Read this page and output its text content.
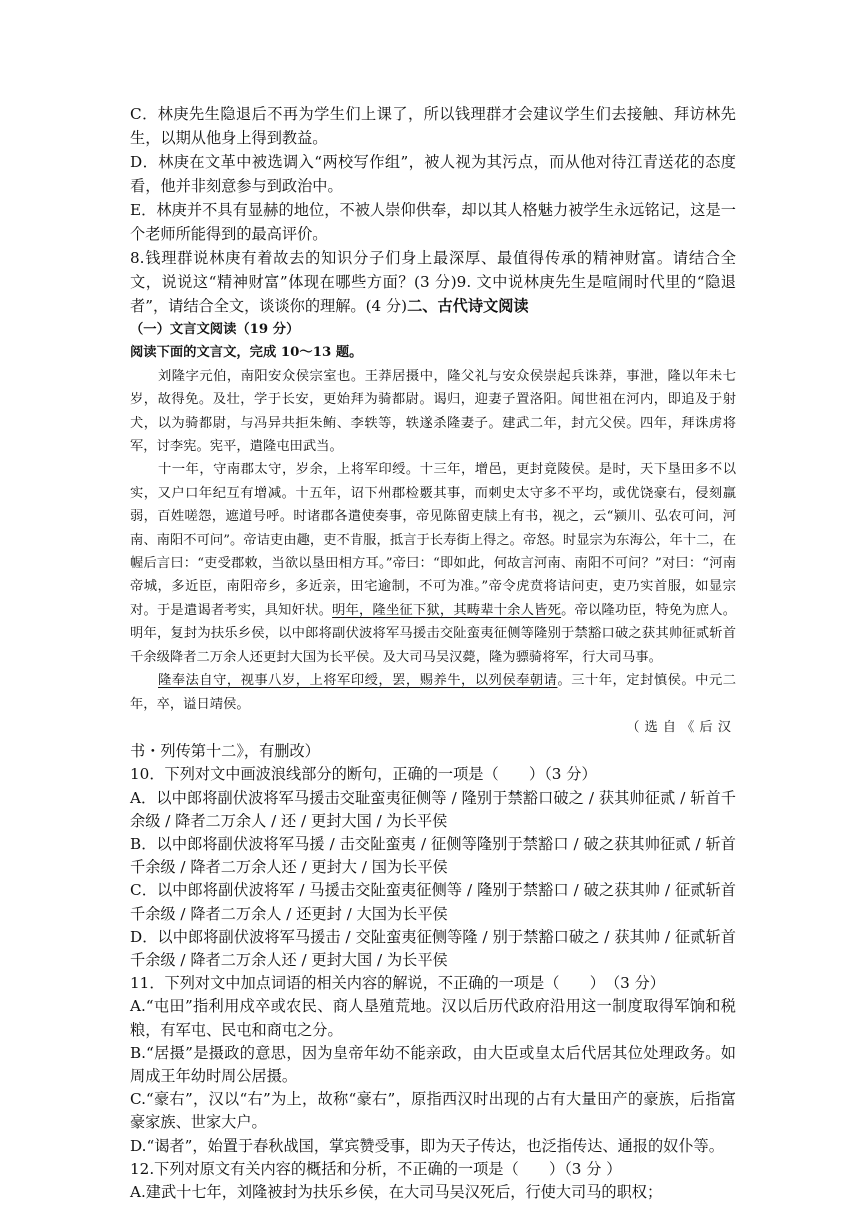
C．林庚先生隐退后不再为学生们上课了，所以钱理群才会建议学生们去接触、拜访林先生，以期从他身上得到教益。

D．林庚在文革中被选调入“两校写作组”，被人视为其污点，而从他对待江青送花的态度看，他并非刻意参与到政治中。

E．林庚并不具有显赫的地位，不被人崇仰供奉，却以其人格魅力被学生永远铭记，这是一个老师所能得到的最高评价。

8.钱理群说林庚有着故去的知识分子们身上最深厚、最值得传承的精神财富。请结合全文，说说这“精神财富”体现在哪些方面？(3 分)9. 文中说林庚先生是喧闹时代里的“隐退者”，请结合全文，谈谈你的理解。(4 分)二、古代诗文阅读

（一）文言文阅读（19 分）

阅读下面的文言文，完成 10～13 题。

刘隆字元伯，南阳安众侯宗室也。王莽居摄中，隆父礼与安众侯崇起兵诛莽，事泄，隆以年未七岁，故得免。及壮，学于长安，更始拜为骑都尉。谒归，迎妻子置洛阳。闻世祖在河内，即追及于射犬，以为骑都尉，与冯异共拒朱鲔、李轶等，轶遂杀隆妻子。建武二年，封亢父侯。四年，拜诛虏将军，讨李宪。宪平，遣隆屯田武当。

十一年，守南郡太守，岁余，上将军印绶。十三年，增邑，更封竟陵侯。是时，天下垦田多不以实，又户口年纪互有增减。十五年，诏下州郡检覈其事，而刺史太守多不平均，或优饶豪右，侵刻羸弱，百姓嗟怨，遮道号呼。时诸郡各遣使奏事，帝见陈留吏牍上有书，视之，云“颍川、弘农可问，河南、南阳不可问”。帝诘吏由趣，吏不肯服，抵言于长寿街上得之。帝怒。时显宗为东海公，年十二，在幄后言曰：“吏受郡敕，当欲以垦田相方耳。”帝曰：“即如此，何故言河南、南阳不可问？”对曰：“河南帝城，多近臣，南阳帝乡，多近亲，田宅逾制，不可为准。”帝令虎贲将诘问吏，吏乃实首服，如显宗对。于是遣谒者考实，具知奸状。明年，隆坐征下狱，其畴辈十余人皆死。帝以隆功臣，特免为庶人。明年，复封为扶乐乡侯，以中郎将副伏波将军马援击交阯蛮夷征侧等隆别于禁豁口破之获其帅征贰斩首千余级降者二万余人还更封大国为长平侯。及大司马吴汉薨，隆为骠骑将军，行大司马事。

隆奉法自守，视事八岁，上将军印绶，罢，赐养牛，以列侯奉朝请。三十年，定封慎侯。中元二年，卒，谥日靖侯。

（选自《后汉

书・列传第十二》，有删改）

10．下列对文中画波浪线部分的断句，正确的一项是（　　）（3 分）

A．以中郎将副伏波将军马援击交耻蛮夷征侧等 / 隆别于禁豁口破之 / 获其帅征贰 / 斩首千余级 / 降者二万余人 / 还 / 更封大国 / 为长平侯

B．以中郎将副伏波将军马援 / 击交阯蛮夷 / 征侧等隆别于禁豁口 / 破之获其帅征贰 / 斩首千余级 / 降者二万余人还 / 更封大 / 国为长平侯

C．以中郎将副伏波将军 / 马援击交阯蛮夷征侧等 / 隆别于禁豁口 / 破之获其帅 / 征贰斩首千余级 / 降者二万余人 / 还更封 / 大国为长平侯

D．以中郎将副伏波将军马援击 / 交阯蛮夷征侧等隆 / 别于禁豁口破之 / 获其帅 / 征贰斩首千余级 / 降者二万余人还 / 更封大国 / 为长平侯

11．下列对文中加点词语的相关内容的解说，不正确的一项是（　　）　（3 分）

A.“屯田”指利用戍卒或农民、商人垦殖荒地。汉以后历代政府沿用这一制度取得军饷和税粮，有军屯、民屯和商屯之分。

B.“居摄”是摄政的意思，因为皇帝年幼不能亲政，由大臣或皇太后代居其位处理政务。如周成王年幼时周公居摄。

C.“豪右”，汉以“右”为上，故称“豪右”，原指西汉时出现的占有大量田产的豪族，后指富豪家族、世家大户。

D.“谒者”，始置于春秋战国，掌宾赞受事，即为天子传达，也泛指传达、通报的奴仆等。

12.下列对原文有关内容的概括和分析，不正确的一项是（　　）（3 分 ）

A.建武十七年，刘隆被封为扶乐乡侯，在大司马吴汉死后，行使大司马的职权；
